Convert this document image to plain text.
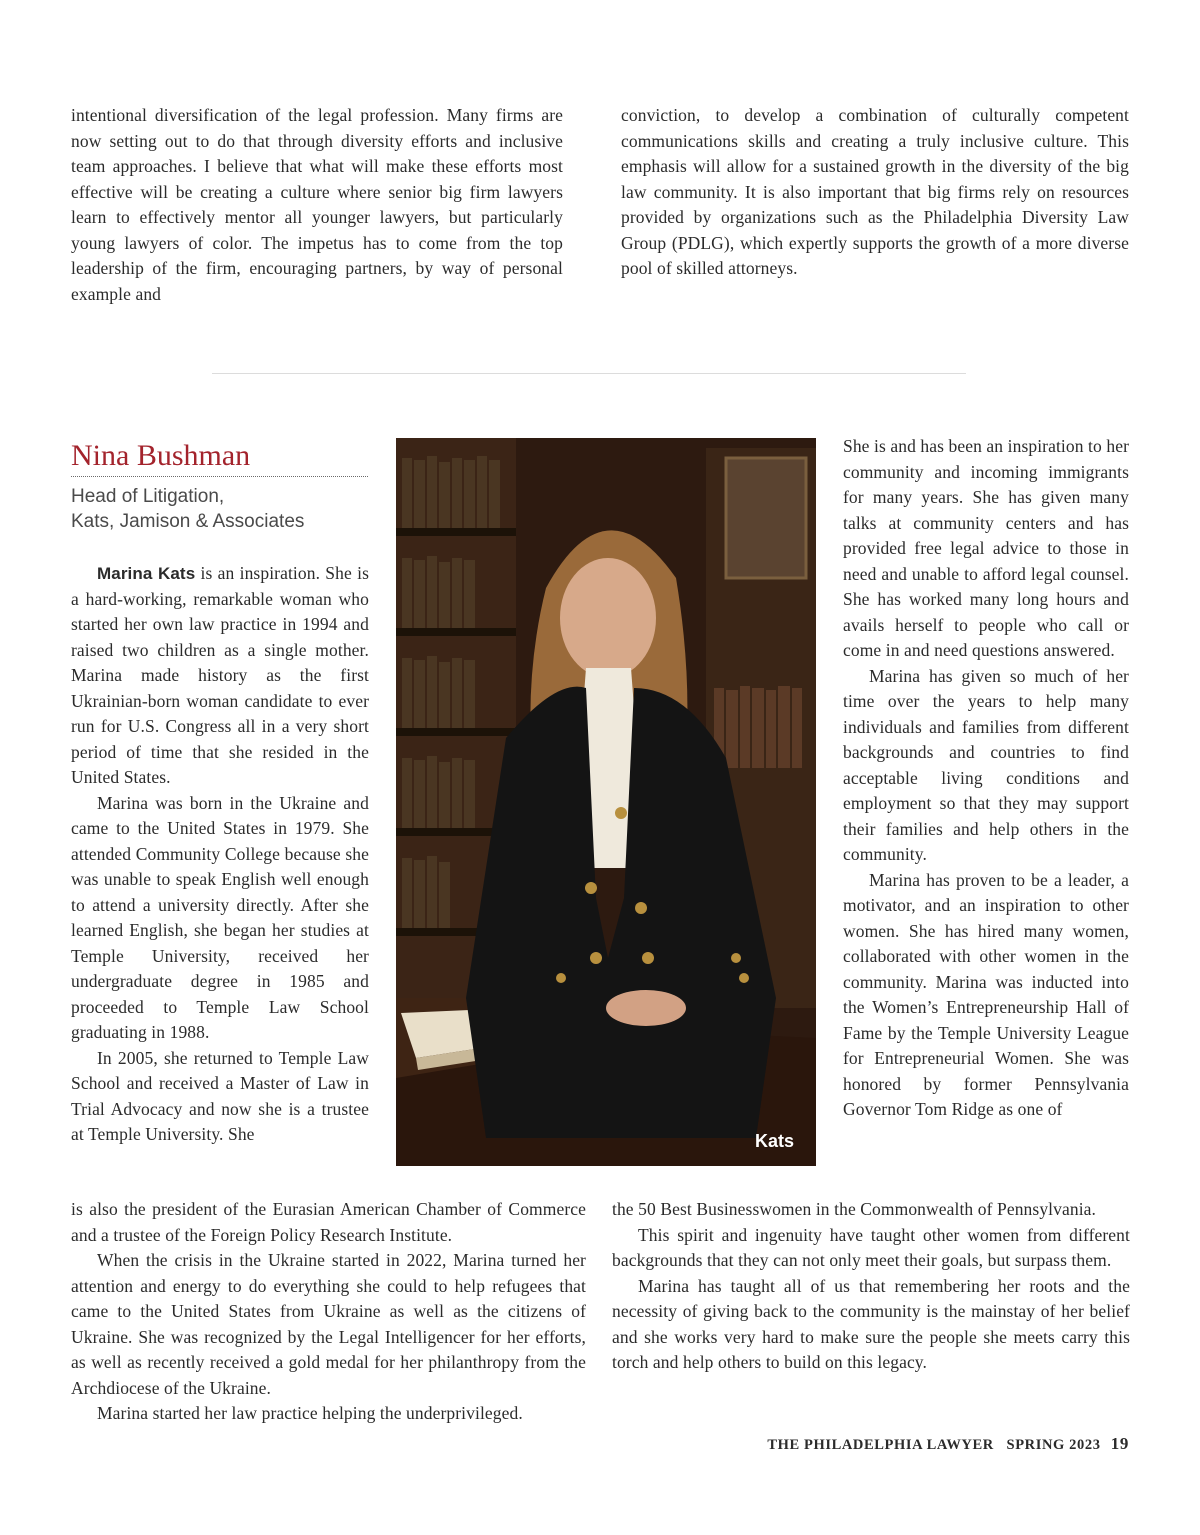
intentional diversification of the legal profession. Many firms are now setting out to do that through diversity efforts and inclusive team approaches. I believe that what will make these efforts most effective will be creating a culture where senior big firm lawyers learn to effectively mentor all younger lawyers, but particularly young lawyers of color. The impetus has to come from the top leadership of the firm, encouraging partners, by way of personal example and

conviction, to develop a combination of culturally competent communications skills and creating a truly inclusive culture. This emphasis will allow for a sustained growth in the diversity of the big law community. It is also important that big firms rely on resources provided by organizations such as the Philadelphia Diversity Law Group (PDLG), which expertly supports the growth of a more diverse pool of skilled attorneys.

Nina Bushman

Head of Litigation,
Kats, Jamison & Associates

Marina Kats is an inspiration. She is a hard-working, remarkable woman who started her own law practice in 1994 and raised two children as a single mother. Marina made history as the first Ukrainian-born woman candidate to ever run for U.S. Congress all in a very short period of time that she resided in the United States.

Marina was born in the Ukraine and came to the United States in 1979. She attended Community College because she was unable to speak English well enough to attend a university directly. After she learned English, she began her studies at Temple University, received her undergraduate degree in 1985 and proceeded to Temple Law School graduating in 1988.

In 2005, she returned to Temple Law School and received a Master of Law in Trial Advocacy and now she is a trustee at Temple University. She	Kats

She is and has been an inspiration to her community and incoming immigrants for many years. She has given many talks at community centers and has provided free legal advice to those in need and unable to afford legal counsel. She has worked many long hours and avails herself to people who call or come in and need questions answered.

Marina has given so much of her time over the years to help many individuals and families from different backgrounds and countries to find acceptable living conditions and employment so that they may support their families and help others in the community.

Marina has proven to be a leader, a motivator, and an inspiration to other women. She has hired many women, collaborated with other women in the community. Marina was inducted into the Women’s Entrepreneurship Hall of Fame by the Temple University League for Entrepreneurial Women. She was honored by former Pennsylvania Governor Tom Ridge as one of

is also the president of the Eurasian American Chamber of Commerce and a trustee of the Foreign Policy Research Institute.

When the crisis in the Ukraine started in 2022, Marina turned her attention and energy to do everything she could to help refugees that came to the United States from Ukraine as well as the citizens of Ukraine. She was recognized by the Legal Intelligencer for her efforts, as well as recently received a gold medal for her philanthropy from the Archdiocese of the Ukraine.

Marina started her law practice helping the underprivileged.

the 50 Best Businesswomen in the Commonwealth of Pennsylvania.

This spirit and ingenuity have taught other women from different backgrounds that they can not only meet their goals, but surpass them.

Marina has taught all of us that remembering her roots and the necessity of giving back to the community is the mainstay of her belief and she works very hard to make sure the people she meets carry this torch and help others to build on this legacy.

THE PHILADELPHIA LAWYER SPRING 2023 19
